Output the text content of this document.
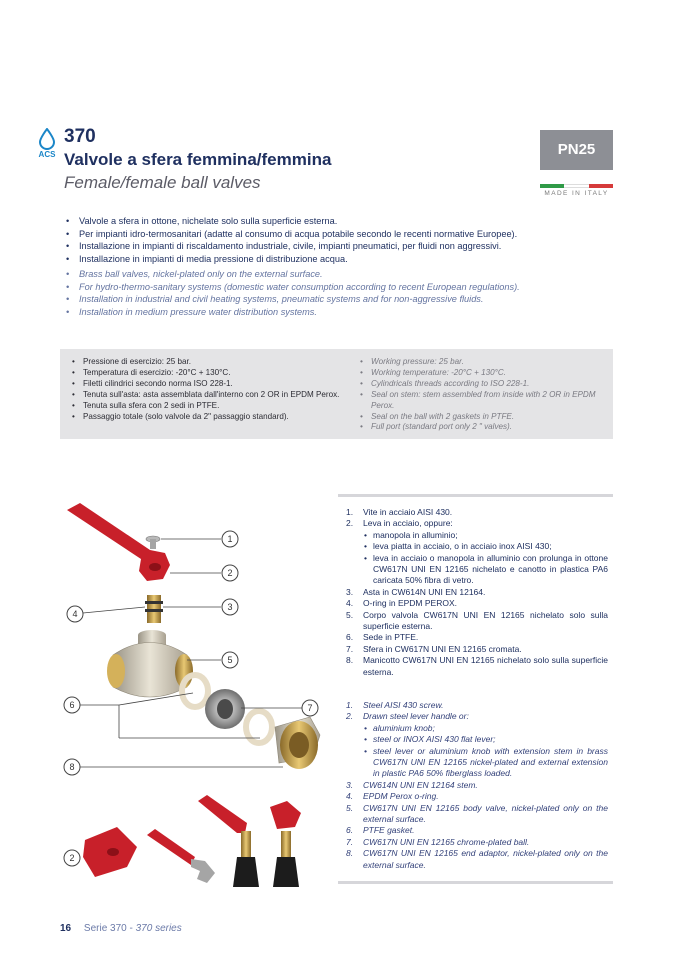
ACS
370
Valvole a sfera femmina/femmina
Female/female ball valves
PN25
MADE IN ITALY
• Valvole a sfera in ottone, nichelate solo sulla superficie esterna.
• Per impianti idro-termosanitari (adatte al consumo di acqua potabile secondo le recenti normative Europee).
• Installazione in impianti di riscaldamento industriale, civile, impianti pneumatici, per fluidi non aggressivi.
• Installazione in impianti di media pressione di distribuzione acqua.
• Brass ball valves, nickel-plated only on the external surface.
• For hydro-thermo-sanitary systems (domestic water consumption according to recent European regulations).
• Installation in industrial and civil heating systems, pneumatic systems and for non-aggressive fluids.
• Installation in medium pressure water distribution systems.
• Pressione di esercizio: 25 bar.
• Temperatura di esercizio: -20°C + 130°C.
• Filetti cilindrici secondo norma ISO 228-1.
• Tenuta sull'asta: asta assemblata dall'interno con 2 OR in EPDM Perox.
• Tenuta sulla sfera con 2 sedi in PTFE.
• Passaggio totale (solo valvole da 2" passaggio standard).
• Working pressure: 25 bar.
• Working temperature: -20°C + 130°C.
• Cylindricals threads according to ISO 228-1.
• Seal on stem: stem assembled from inside with 2 OR in EPDM Perox.
• Seal on the ball with 2 gaskets in PTFE.
• Full port (standard port only 2 " valves).
1
2
3
4
5
6	7
8
2
1. Vite in acciaio AISI 430.
2. Leva in acciaio, oppure:
• manopola in alluminio;
• leva piatta in acciaio, o in acciaio inox AISI 430;
• leva in acciaio o manopola in alluminio con prolunga in ottone CW617N UNI EN 12165 nichelato e canotto in plastica PA6 caricata 50% fibra di vetro.
3. Asta in CW614N UNI EN 12164.
4. O-ring in EPDM PEROX.
5. Corpo valvola CW617N UNI EN 12165 nichelato solo sulla superficie esterna.
6. Sede in PTFE.
7. Sfera in CW617N UNI EN 12165 cromata.
8. Manicotto CW617N UNI EN 12165 nichelato solo sulla superficie esterna.
1. Steel AISI 430 screw.
2. Drawn steel lever handle or:
• aluminium knob;
• steel or INOX AISI 430 flat lever;
• steel lever or aluminium knob with extension stem in brass CW617N UNI EN 12165 nickel-plated and external extension in plastic PA6 50% fiberglass loaded.
3. CW614N UNI EN 12164 stem.
4. EPDM Perox o-ring.
5. CW617N UNI EN 12165 body valve, nickel-plated only on the external surface.
6. PTFE gasket.
7. CW617N UNI EN 12165 chrome-plated ball.
8. CW617N UNI EN 12165 end adaptor, nickel-plated only on the external surface.
16 Serie 370 - 370 series
